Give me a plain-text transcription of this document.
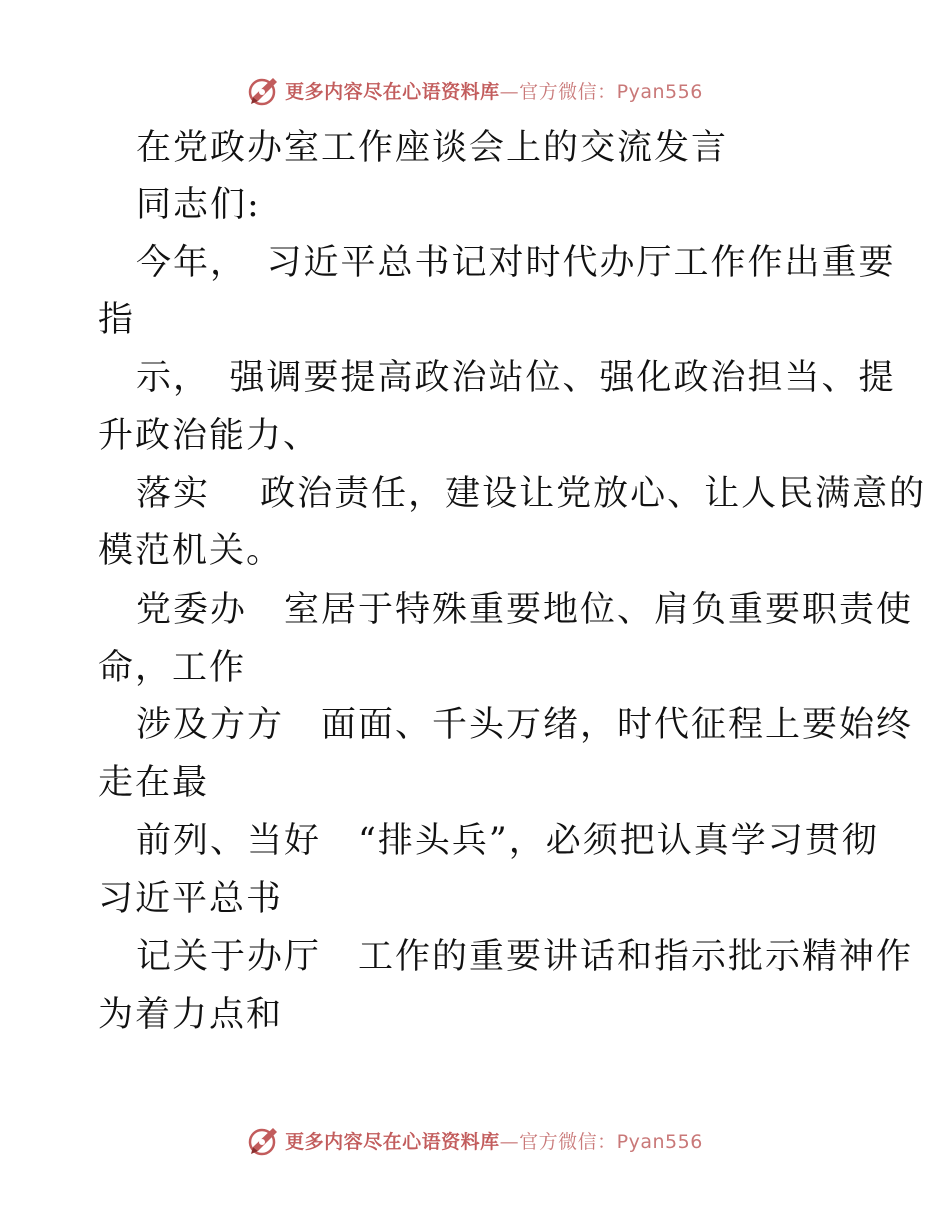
更多内容尽在心语资料库—官方微信：Pyan556
在党政办室工作座谈会上的交流发言
同志们:
今年，　习近平总书记对时代办厅工作作出重要
指
示，　强调要提高政治站位、强化政治担当、提
升政治能力、
落实　 政治责任，建设让党放心、让人民满意的
模范机关。
党委办　室居于特殊重要地位、肩负重要职责使
命，工作
涉及方方　面面、千头万绪，时代征程上要始终
走在最
前列、当好　“排头兵”，必须把认真学习贯彻
习近平总书
记关于办厅　工作的重要讲话和指示批示精神作
为着力点和
更多内容尽在心语资料库—官方微信：Pyan556
